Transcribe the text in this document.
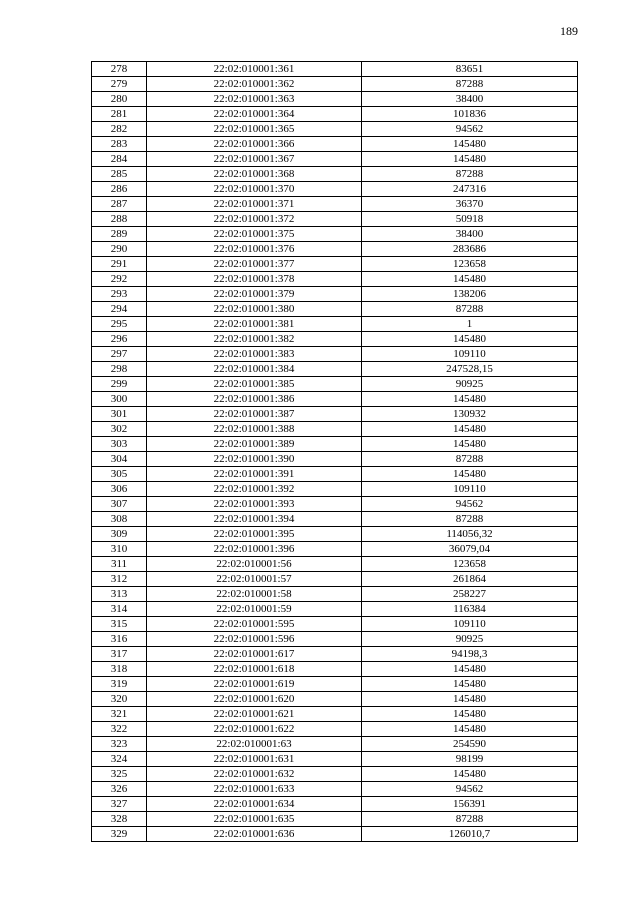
189
278	22:02:010001:361	83651
279	22:02:010001:362	87288
280	22:02:010001:363	38400
281	22:02:010001:364	101836
282	22:02:010001:365	94562
283	22:02:010001:366	145480
284	22:02:010001:367	145480
285	22:02:010001:368	87288
286	22:02:010001:370	247316
287	22:02:010001:371	36370
288	22:02:010001:372	50918
289	22:02:010001:375	38400
290	22:02:010001:376	283686
291	22:02:010001:377	123658
292	22:02:010001:378	145480
293	22:02:010001:379	138206
294	22:02:010001:380	87288
295	22:02:010001:381	1
296	22:02:010001:382	145480
297	22:02:010001:383	109110
298	22:02:010001:384	247528,15
299	22:02:010001:385	90925
300	22:02:010001:386	145480
301	22:02:010001:387	130932
302	22:02:010001:388	145480
303	22:02:010001:389	145480
304	22:02:010001:390	87288
305	22:02:010001:391	145480
306	22:02:010001:392	109110
307	22:02:010001:393	94562
308	22:02:010001:394	87288
309	22:02:010001:395	114056,32
310	22:02:010001:396	36079,04
311	22:02:010001:56	123658
312	22:02:010001:57	261864
313	22:02:010001:58	258227
314	22:02:010001:59	116384
315	22:02:010001:595	109110
316	22:02:010001:596	90925
317	22:02:010001:617	94198,3
318	22:02:010001:618	145480
319	22:02:010001:619	145480
320	22:02:010001:620	145480
321	22:02:010001:621	145480
322	22:02:010001:622	145480
323	22:02:010001:63	254590
324	22:02:010001:631	98199
325	22:02:010001:632	145480
326	22:02:010001:633	94562
327	22:02:010001:634	156391
328	22:02:010001:635	87288
329	22:02:010001:636	126010,7
